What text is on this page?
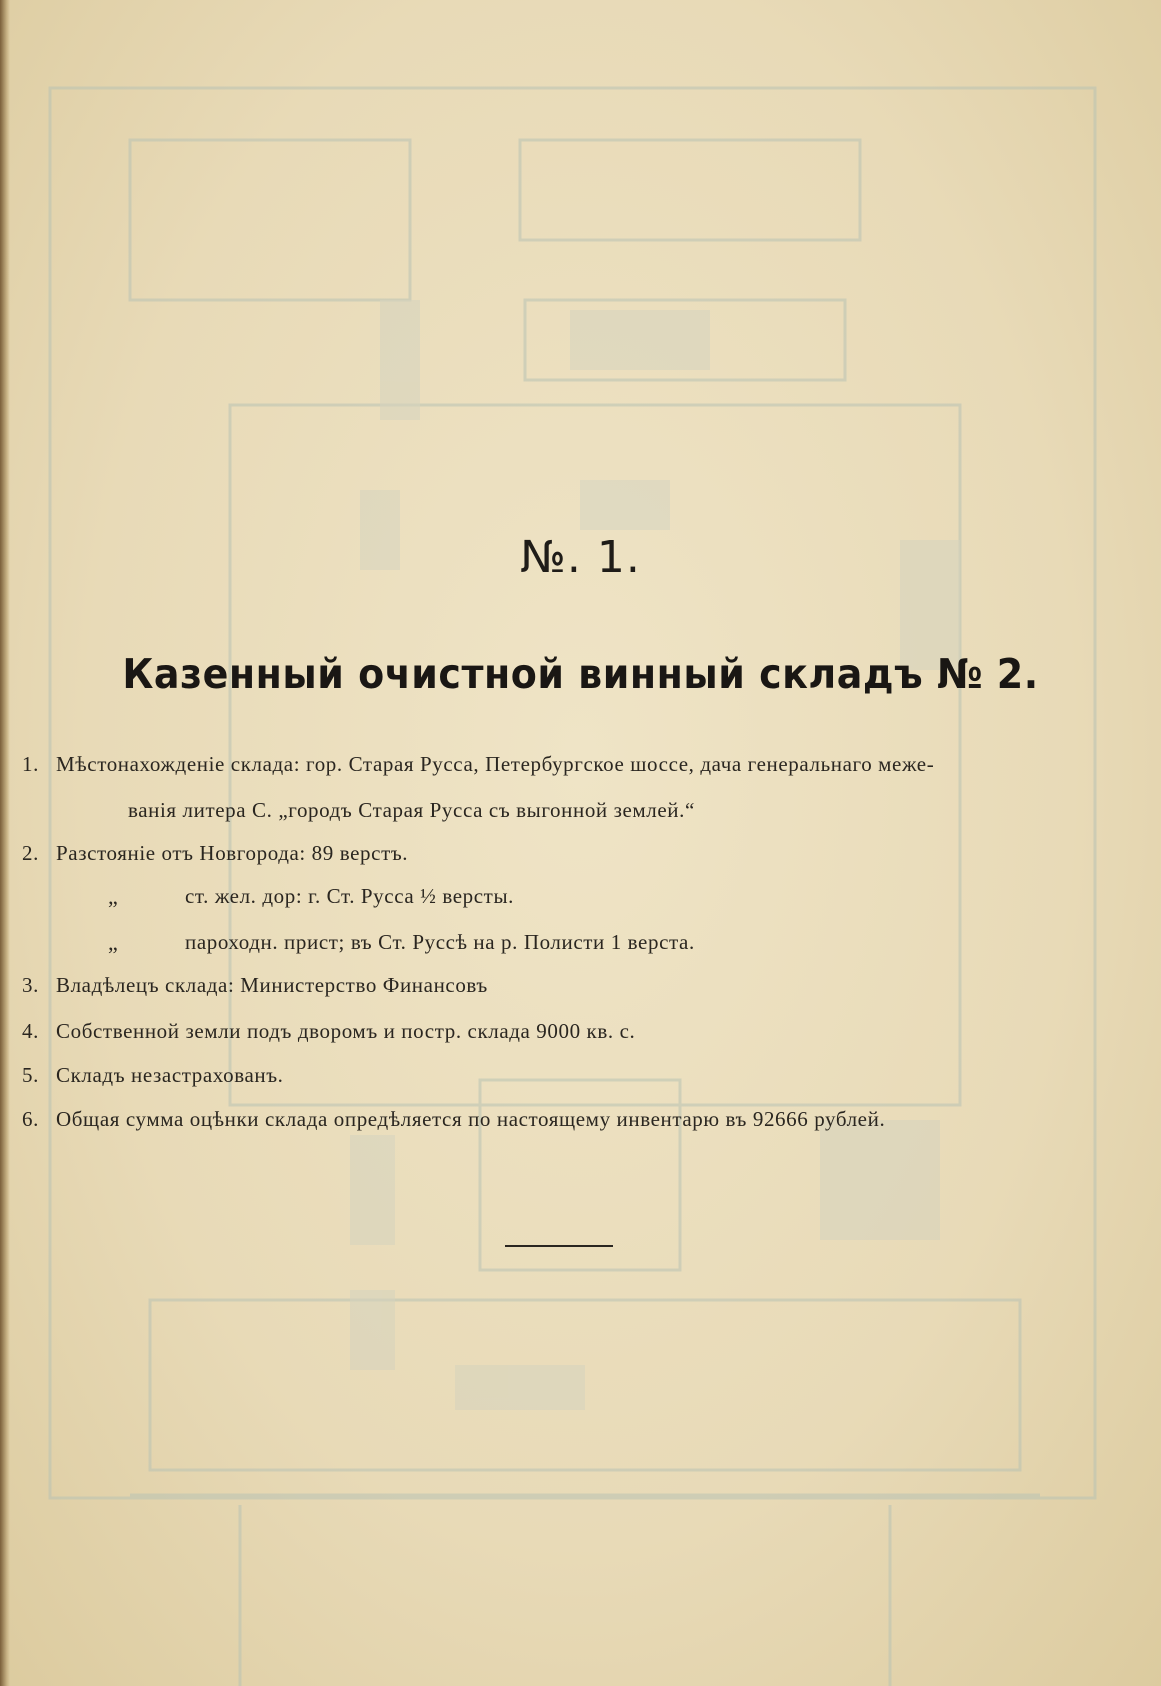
№. 1.
Казенный очистной винный складъ № 2.
1. Мѣстонахожденіе склада: гор. Старая Русса, Петербургское шоссе, дача генеральнаго меже-
ванія литера С. „городъ Старая Русса съ выгонной землей.“
2. Разстояніе отъ Новгорода: 89 верстъ.
„	ст. жел. дор: г. Ст. Русса ½ версты.
„	пароходн. прист; въ Ст. Руссѣ на р. Полисти 1 верста.
3. Владѣлецъ склада: Министерство Финансовъ
4. Собственной земли подъ дворомъ и постр. склада 9000 кв. с.
5. Складъ незастрахованъ.
6. Общая сумма оцѣнки склада опредѣляется по настоящему инвентарю въ 92666 рублей.
